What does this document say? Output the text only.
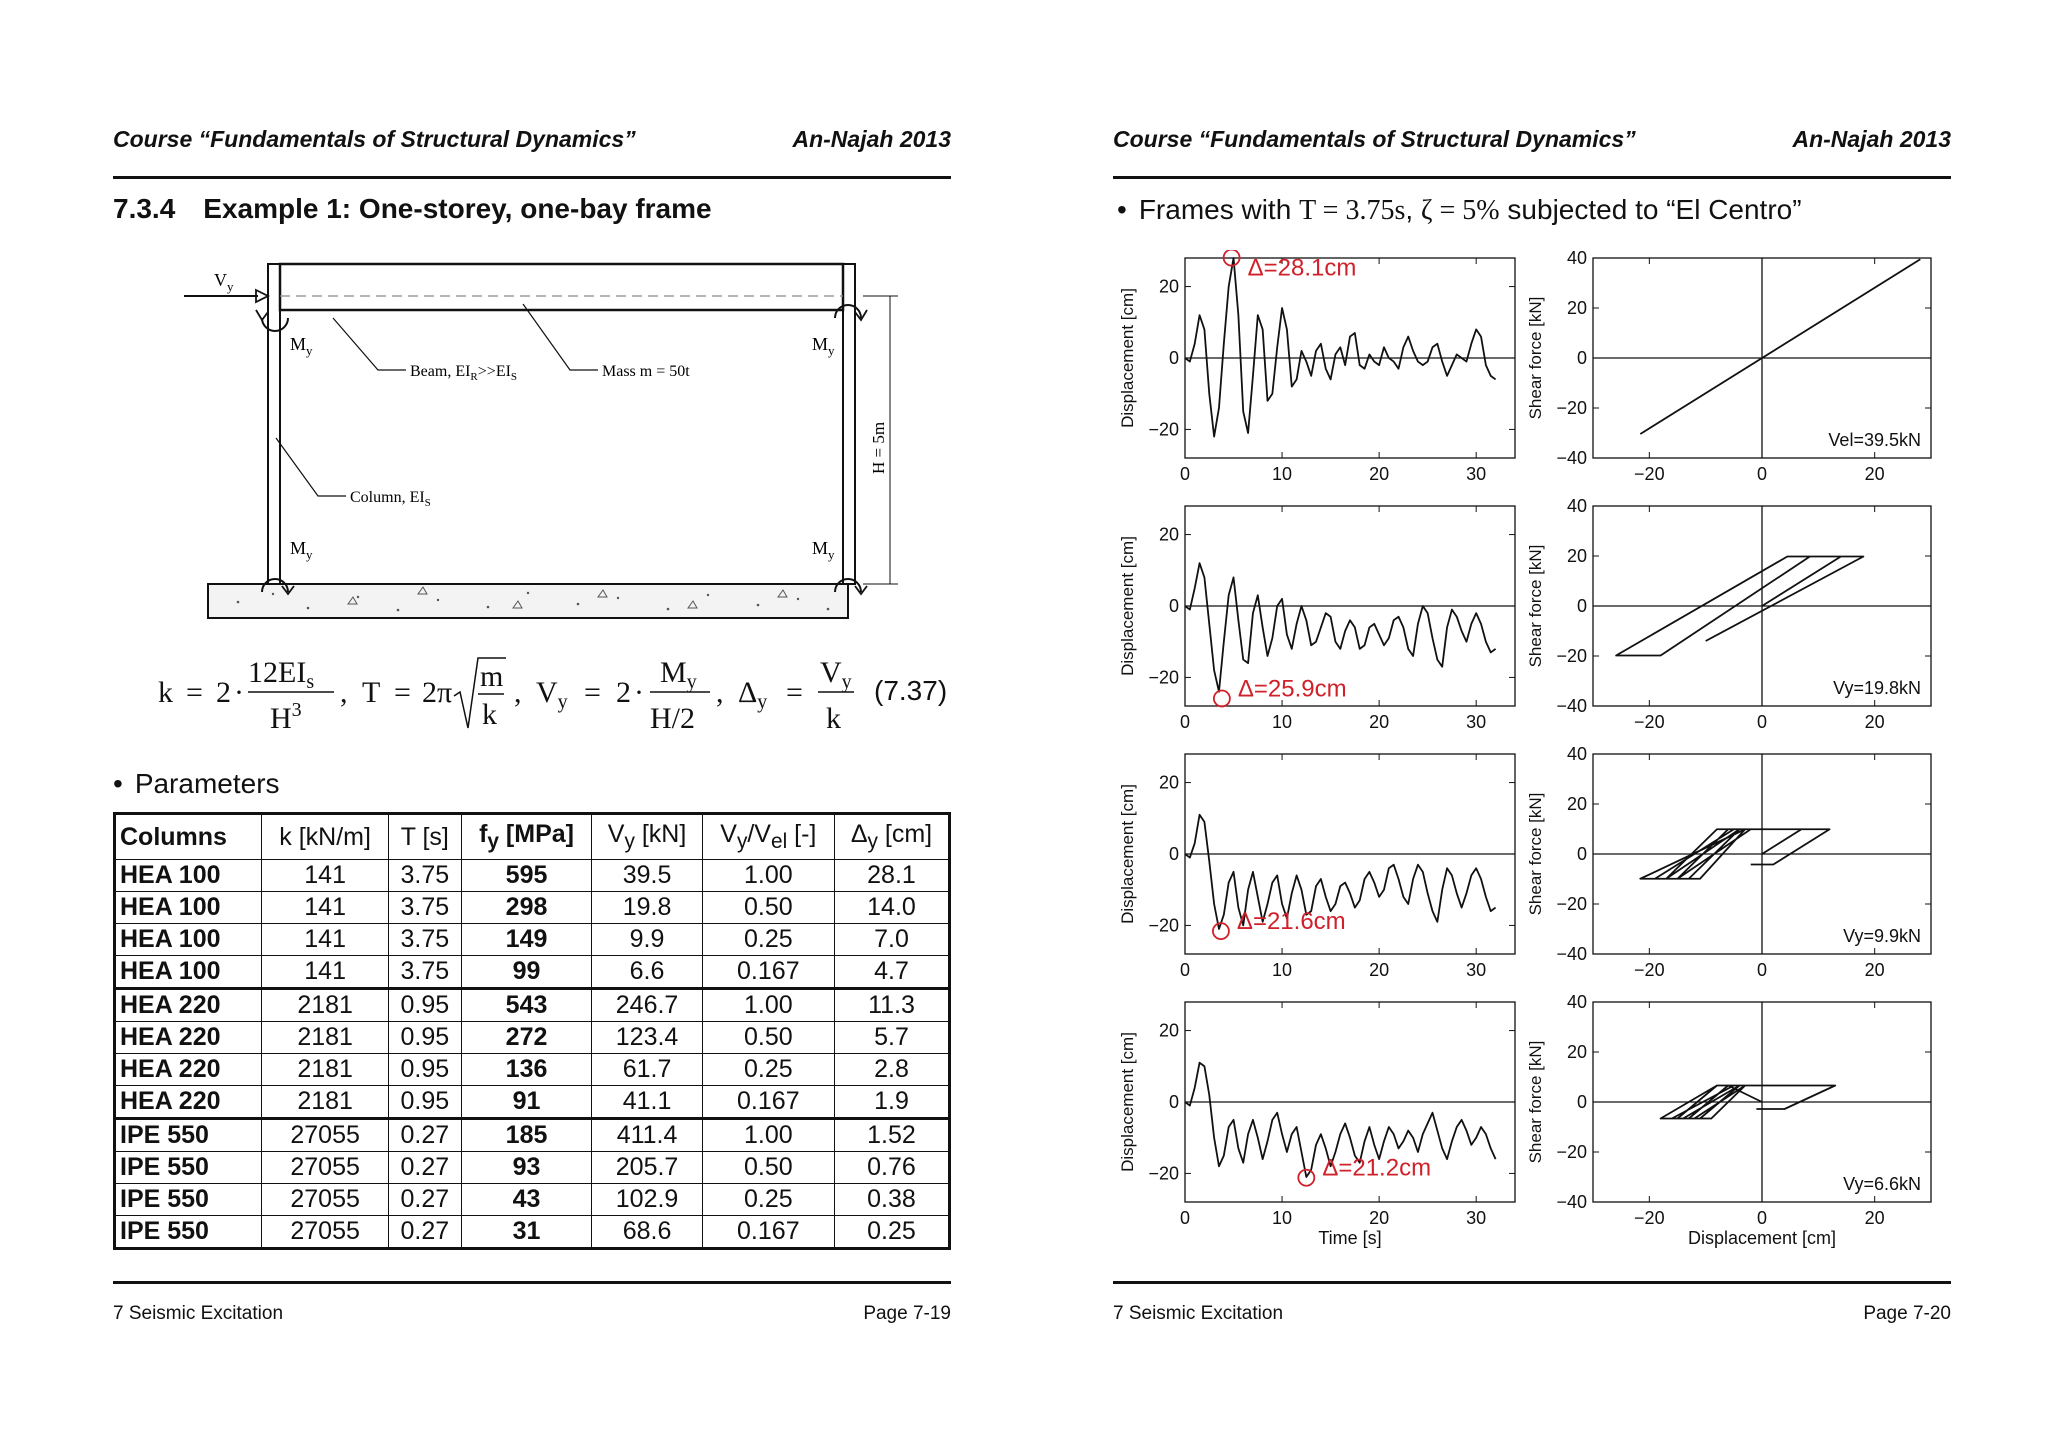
Course “Fundamentals of Structural Dynamics”	An-Najah 2013
7.3.4 Example 1: One-storey, one-bay frame
$V_y$
$M_y$	$M_y$
$M_y$	$M_y$
Beam, $EI_R>>EI_S$	Mass m = 50t
Column, $EI_S$
H = 5m
k = 2 ·
$12EI_s$
$H^3$
, T = 2π m
k
, $V_y = 2$ ·
$M_y$
H/2
, $\Delta_y$ =
$V_y$
k
(7.37)
• Parameters
Columns	k [kN/m]	T [s]	$f_y$ [MPa]	$V_y$ [kN]	$V_y/V_{el}$ [-]	$\Delta_y$ [cm]
HEA 100	141	3.75	595	39.5	1.00	28.1
HEA 100	141	3.75	298	19.8	0.50	14.0
HEA 100	141	3.75	149	9.9	0.25	7.0
HEA 100	141	3.75	99	6.6	0.167	4.7
HEA 220	2181	0.95	543	246.7	1.00	11.3
HEA 220	2181	0.95	272	123.4	0.50	5.7
HEA 220	2181	0.95	136	61.7	0.25	2.8
HEA 220	2181	0.95	91	41.1	0.167	1.9
IPE 550	27055	0.27	185	411.4	1.00	1.52
IPE 550	27055	0.27	93	205.7	0.50	0.76
IPE 550	27055	0.27	43	102.9	0.25	0.38
IPE 550	27055	0.27	31	68.6	0.167	0.25
7 Seismic Excitation	Page 7-19
Course “Fundamentals of Structural Dynamics”	An-Najah 2013
• Frames with T = 3.75s, ζ = 5% subjected to “El Centro”
0	10	20	30
20
0
−20
Displacement [cm]
Δ=28.1cm
−20	0	20
40
20
0
−20
−40
Shear force [kN]
Vel=39.5kN
0	10	20	30
20
0
−20
Displacement [cm]
Δ=25.9cm
−20	0	20
40
20
0
−20
−40
Shear force [kN]
Vy=19.8kN
0	10	20	30
20
0
−20
Displacement [cm]	Δ=21.6cm
−20	0	20
40
20
0
−20
−40
Shear force [kN]
Vy=9.9kN
0	10	20	30
20
0
−20
Displacement [cm]
Time [s]
Δ=21.2cm
−20	0	20
40
20
0
−20
−40
Shear force [kN]
Displacement [cm]
Vy=6.6kN
7 Seismic Excitation	Page 7-20
